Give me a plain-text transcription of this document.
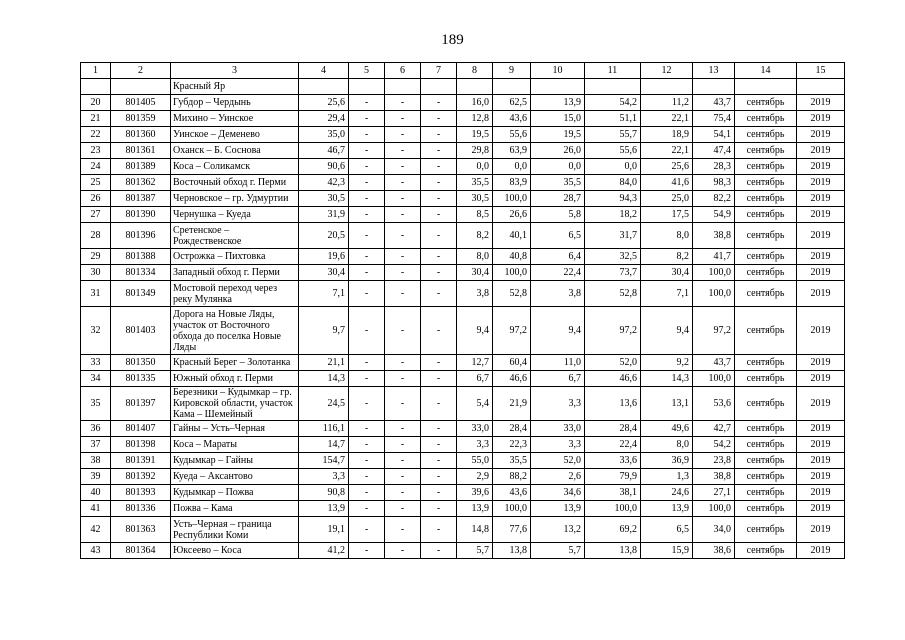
189
1	2	3	4	5	6	7	8	9	10	11	12	13	14	15
		Красный Яр												
20	801405	Губдор – Чердынь	25,6	-	-	-	16,0	62,5	13,9	54,2	11,2	43,7	сентябрь	2019
21	801359	Михино – Уинское	29,4	-	-	-	12,8	43,6	15,0	51,1	22,1	75,4	сентябрь	2019
22	801360	Уинское – Деменево	35,0	-	-	-	19,5	55,6	19,5	55,7	18,9	54,1	сентябрь	2019
23	801361	Оханск – Б. Соснова	46,7	-	-	-	29,8	63,9	26,0	55,6	22,1	47,4	сентябрь	2019
24	801389	Коса – Соликамск	90,6	-	-	-	0,0	0,0	0,0	0,0	25,6	28,3	сентябрь	2019
25	801362	Восточный обход г. Перми	42,3	-	-	-	35,5	83,9	35,5	84,0	41,6	98,3	сентябрь	2019
26	801387	Черновское – гр. Удмуртии	30,5	-	-	-	30,5	100,0	28,7	94,3	25,0	82,2	сентябрь	2019
27	801390	Чернушка – Куеда	31,9	-	-	-	8,5	26,6	5,8	18,2	17,5	54,9	сентябрь	2019
28	801396	Сретенское – Рождественское	20,5	-	-	-	8,2	40,1	6,5	31,7	8,0	38,8	сентябрь	2019
29	801388	Острожка – Пихтовка	19,6	-	-	-	8,0	40,8	6,4	32,5	8,2	41,7	сентябрь	2019
30	801334	Западный обход г. Перми	30,4	-	-	-	30,4	100,0	22,4	73,7	30,4	100,0	сентябрь	2019
31	801349	Мостовой переход через реку Мулянка	7,1	-	-	-	3,8	52,8	3,8	52,8	7,1	100,0	сентябрь	2019
32	801403	Дорога на Новые Ляды, участок от Восточного обхода до поселка Новые Ляды	9,7	-	-	-	9,4	97,2	9,4	97,2	9,4	97,2	сентябрь	2019
33	801350	Красный Берег – Золотанка	21,1	-	-	-	12,7	60,4	11,0	52,0	9,2	43,7	сентябрь	2019
34	801335	Южный обход г. Перми	14,3	-	-	-	6,7	46,6	6,7	46,6	14,3	100,0	сентябрь	2019
35	801397	Березники – Кудымкар – гр. Кировской области, участок Кама – Шемейный	24,5	-	-	-	5,4	21,9	3,3	13,6	13,1	53,6	сентябрь	2019
36	801407	Гайны – Усть–Черная	116,1	-	-	-	33,0	28,4	33,0	28,4	49,6	42,7	сентябрь	2019
37	801398	Коса – Мараты	14,7	-	-	-	3,3	22,3	3,3	22,4	8,0	54,2	сентябрь	2019
38	801391	Кудымкар – Гайны	154,7	-	-	-	55,0	35,5	52,0	33,6	36,9	23,8	сентябрь	2019
39	801392	Куеда – Аксантово	3,3	-	-	-	2,9	88,2	2,6	79,9	1,3	38,8	сентябрь	2019
40	801393	Кудымкар – Пожва	90,8	-	-	-	39,6	43,6	34,6	38,1	24,6	27,1	сентябрь	2019
41	801336	Пожва – Кама	13,9	-	-	-	13,9	100,0	13,9	100,0	13,9	100,0	сентябрь	2019
42	801363	Усть–Черная – граница Республики Коми	19,1	-	-	-	14,8	77,6	13,2	69,2	6,5	34,0	сентябрь	2019
43	801364	Юксеево – Коса	41,2	-	-	-	5,7	13,8	5,7	13,8	15,9	38,6	сентябрь	2019
